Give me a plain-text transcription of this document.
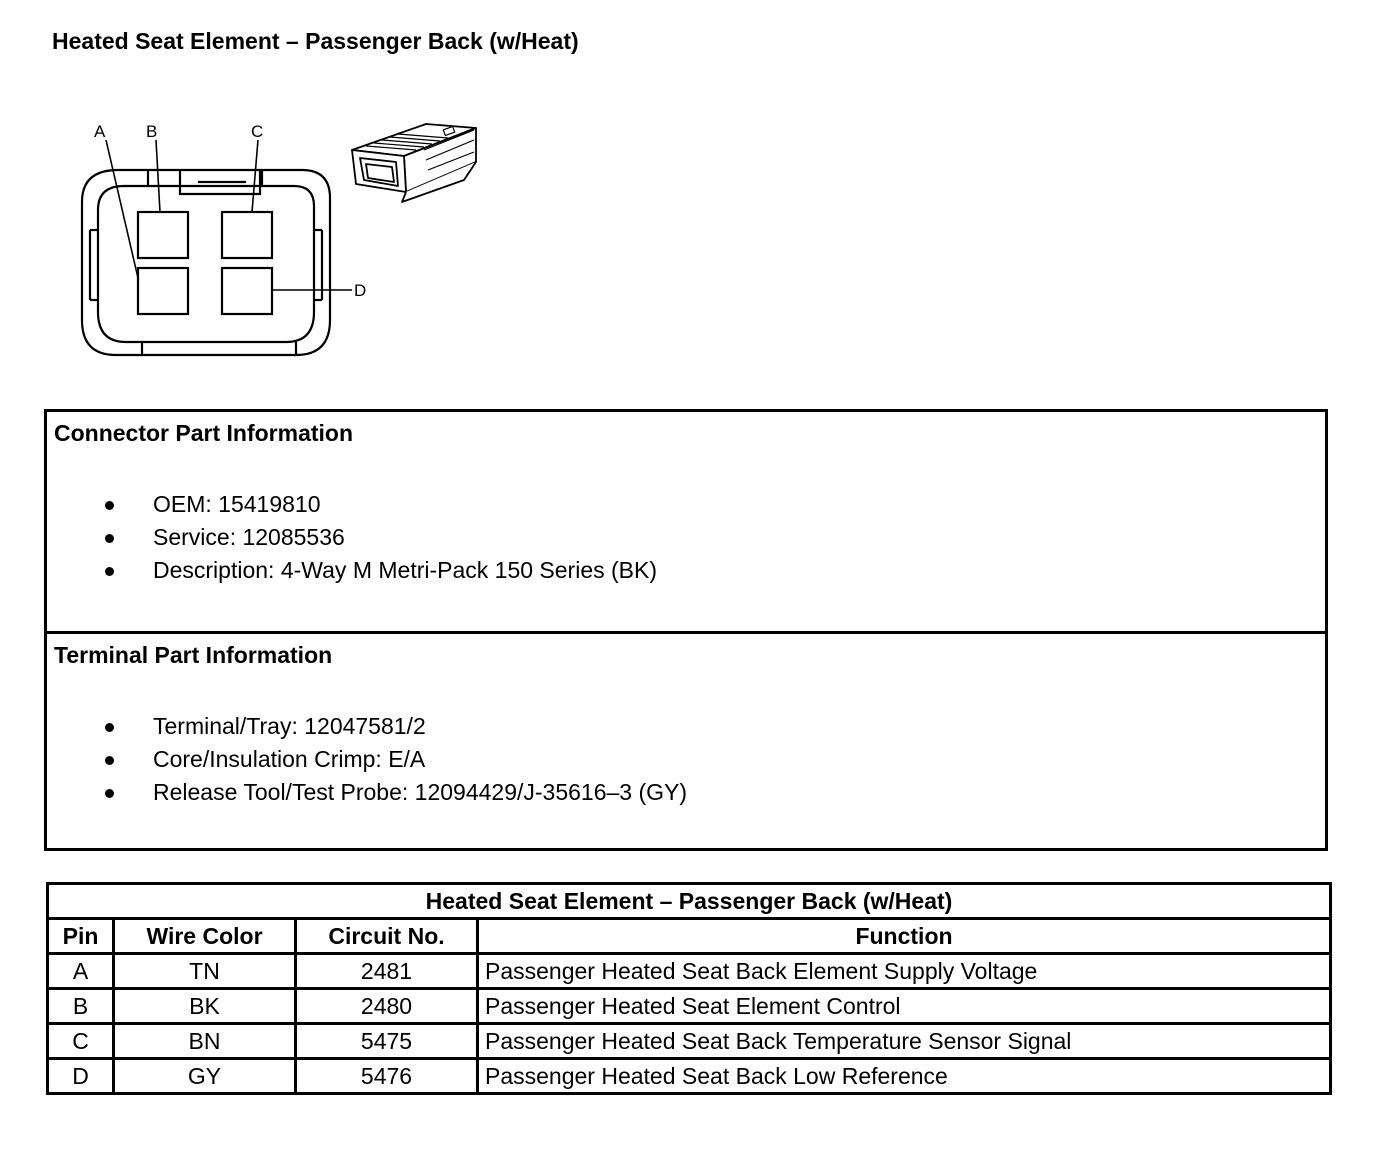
Heated Seat Element – Passenger Back (w/Heat)
A B	C
D
Connector Part Information
OEM: 15419810
Service: 12085536
Description: 4-Way M Metri-Pack 150 Series (BK)
Terminal Part Information
Terminal/Tray: 12047581/2
Core/Insulation Crimp: E/A
Release Tool/Test Probe: 12094429/J-35616–3 (GY)
Heated Seat Element – Passenger Back (w/Heat)			
Pin	Wire Color	Circuit No.	Function
A	TN	2481	Passenger Heated Seat Back Element Supply Voltage
B	BK	2480	Passenger Heated Seat Element Control
C	BN	5475	Passenger Heated Seat Back Temperature Sensor Signal
D	GY	5476	Passenger Heated Seat Back Low Reference
